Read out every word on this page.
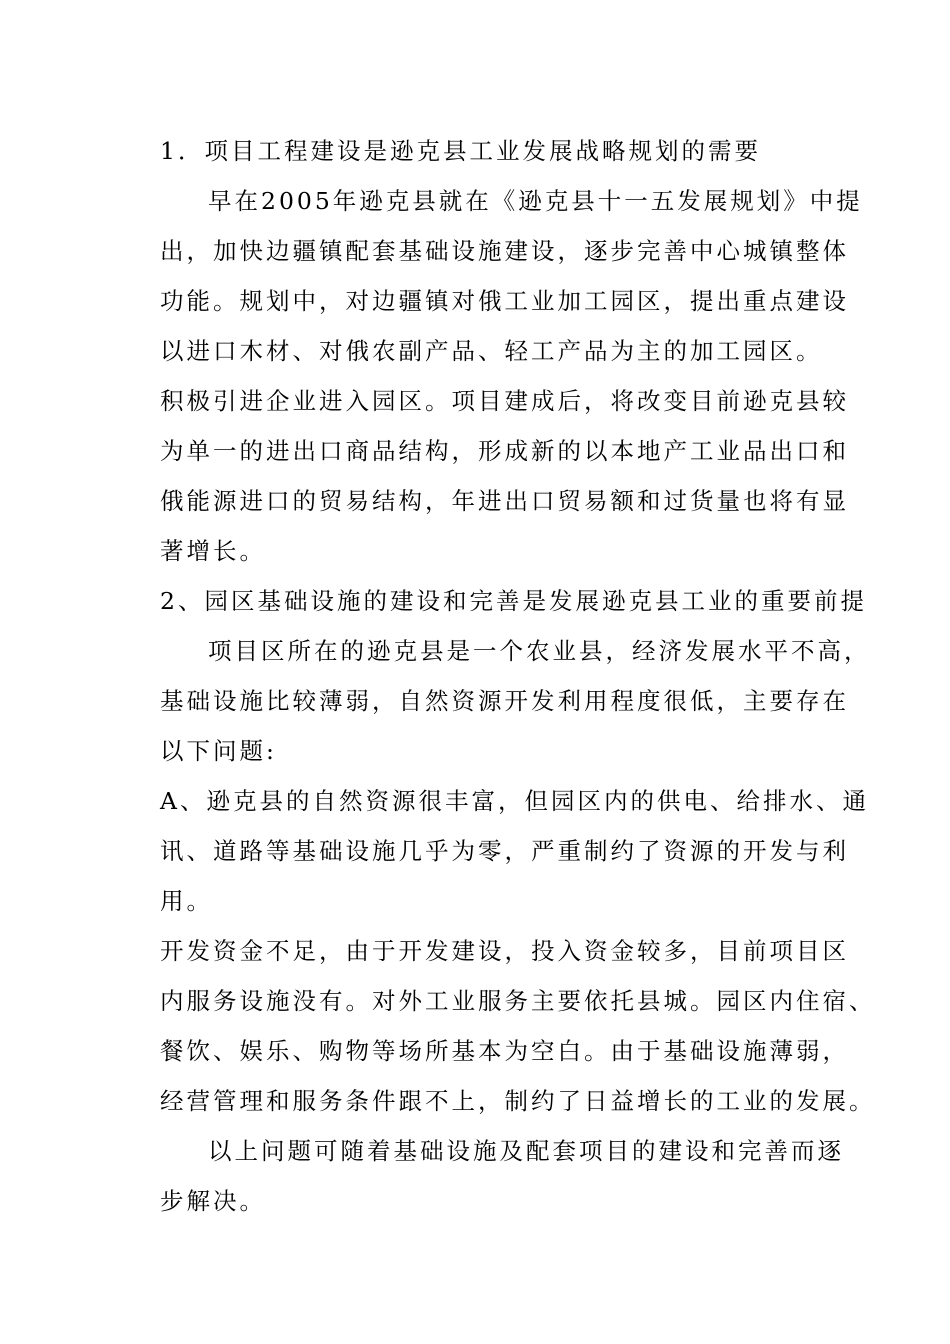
1．项目工程建设是逊克县工业发展战略规划的需要
早在2005年逊克县就在《逊克县十一五发展规划》中提
出，加快边疆镇配套基础设施建设，逐步完善中心城镇整体
功能。规划中，对边疆镇对俄工业加工园区，提出重点建设
以进口木材、对俄农副产品、轻工产品为主的加工园区。
积极引进企业进入园区。项目建成后，将改变目前逊克县较
为单一的进出口商品结构，形成新的以本地产工业品出口和
俄能源进口的贸易结构，年进出口贸易额和过货量也将有显
著增长。
2、园区基础设施的建设和完善是发展逊克县工业的重要前提
项目区所在的逊克县是一个农业县，经济发展水平不高，
基础设施比较薄弱，自然资源开发利用程度很低，主要存在
以下问题:
A、逊克县的自然资源很丰富，但园区内的供电、给排水、通
讯、道路等基础设施几乎为零，严重制约了资源的开发与利
用。
开发资金不足，由于开发建设，投入资金较多，目前项目区
内服务设施没有。对外工业服务主要依托县城。园区内住宿、
餐饮、娱乐、购物等场所基本为空白。由于基础设施薄弱，
经营管理和服务条件跟不上，制约了日益增长的工业的发展。
以上问题可随着基础设施及配套项目的建设和完善而逐
步解决。
